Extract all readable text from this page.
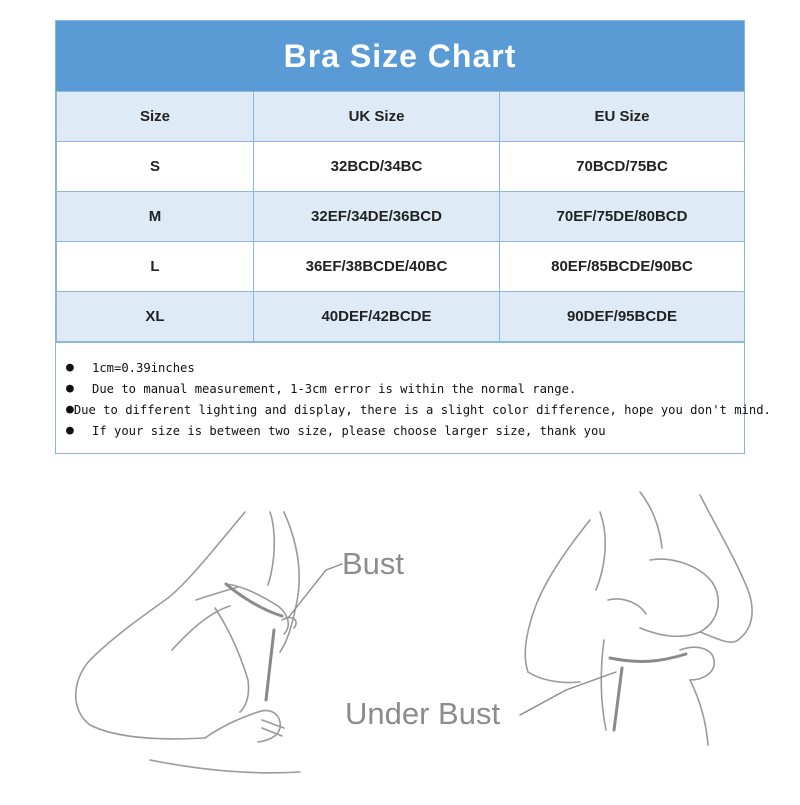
Bra Size Chart
Size	UK Size	EU Size
S	32BCD/34BC	70BCD/75BC
M	32EF/34DE/36BCD	70EF/75DE/80BCD
L	36EF/38BCDE/40BC	80EF/85BCDE/90BC
XL	40DEF/42BCDE	90DEF/95BCDE
●	1cm=0.39inches
●	Due to manual measurement, 1-3cm error is within the normal range.
● Due to different lighting and display, there is a slight color difference, hope you don't mind.
●	If your size is between two size, please choose larger size, thank you
Bust
Under Bust
